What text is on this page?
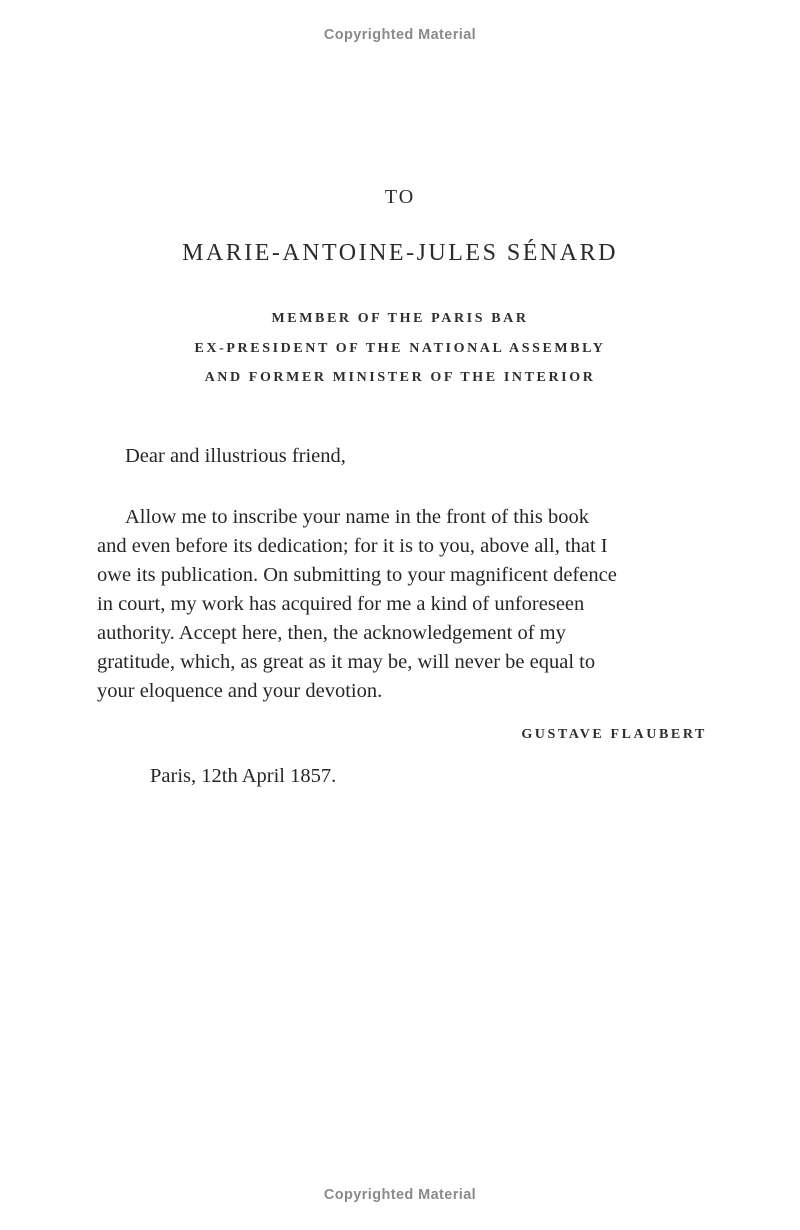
Copyrighted Material
TO
MARIE-ANTOINE-JULES SÉNARD
MEMBER OF THE PARIS BAR
EX-PRESIDENT OF THE NATIONAL ASSEMBLY
AND FORMER MINISTER OF THE INTERIOR
Dear and illustrious friend,
Allow me to inscribe your name in the front of this book
and even before its dedication; for it is to you, above all, that I
owe its publication. On submitting to your magnificent defence
in court, my work has acquired for me a kind of unforeseen
authority. Accept here, then, the acknowledgement of my
gratitude, which, as great as it may be, will never be equal to
your eloquence and your devotion.
GUSTAVE FLAUBERT
Paris, 12th April 1857.
Copyrighted Material
